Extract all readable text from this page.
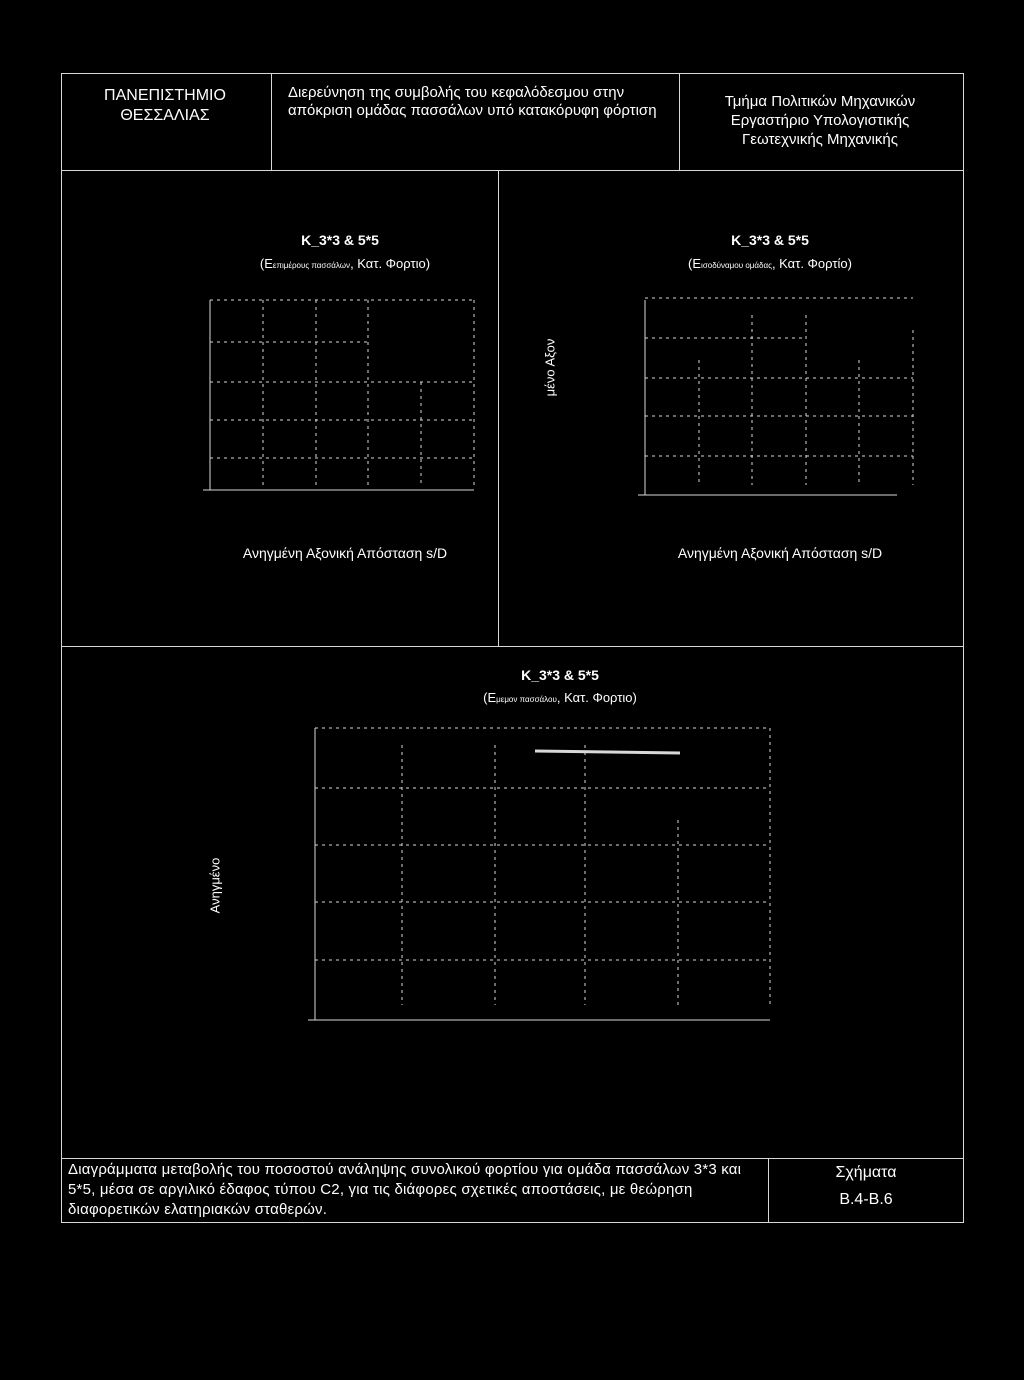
ΠΑΝΕΠΙΣΤΗΜΙΟ ΘΕΣΣΑΛΙΑΣ
Διερεύνηση της συμβολής του κεφαλόδεσμου στην απόκριση ομάδας πασσάλων υπό κατακόρυφη φόρτιση
Τμήμα Πολιτικών Μηχανικών
Εργαστήριο Υπολογιστικής
Γεωτεχνικής Μηχανικής
K_3*3 & 5*5
(Εεπιμέρους πασσάλων, Κατ. Φορτιο)
Ανηγμένη Αξονική Απόσταση s/D
K_3*3 & 5*5
(Εισοδύναμου ομάδας, Κατ. Φορτίο)
μένο Αξον
Ανηγμένη Αξονική Απόσταση s/D
K_3*3 & 5*5
(Εμεμον πασσάλου, Κατ. Φορτιο)
Ανηγμένο
Διαγράμματα μεταβολής του ποσοστού ανάληψης συνολικού φορτίου για ομάδα πασσάλων 3*3 και 5*5, μέσα σε αργιλικό έδαφος τύπου C2, για τις διάφορες σχετικές αποστάσεις, με θεώρηση διαφορετικών ελατηριακών σταθερών.
Σχήματα
Β.4-Β.6
